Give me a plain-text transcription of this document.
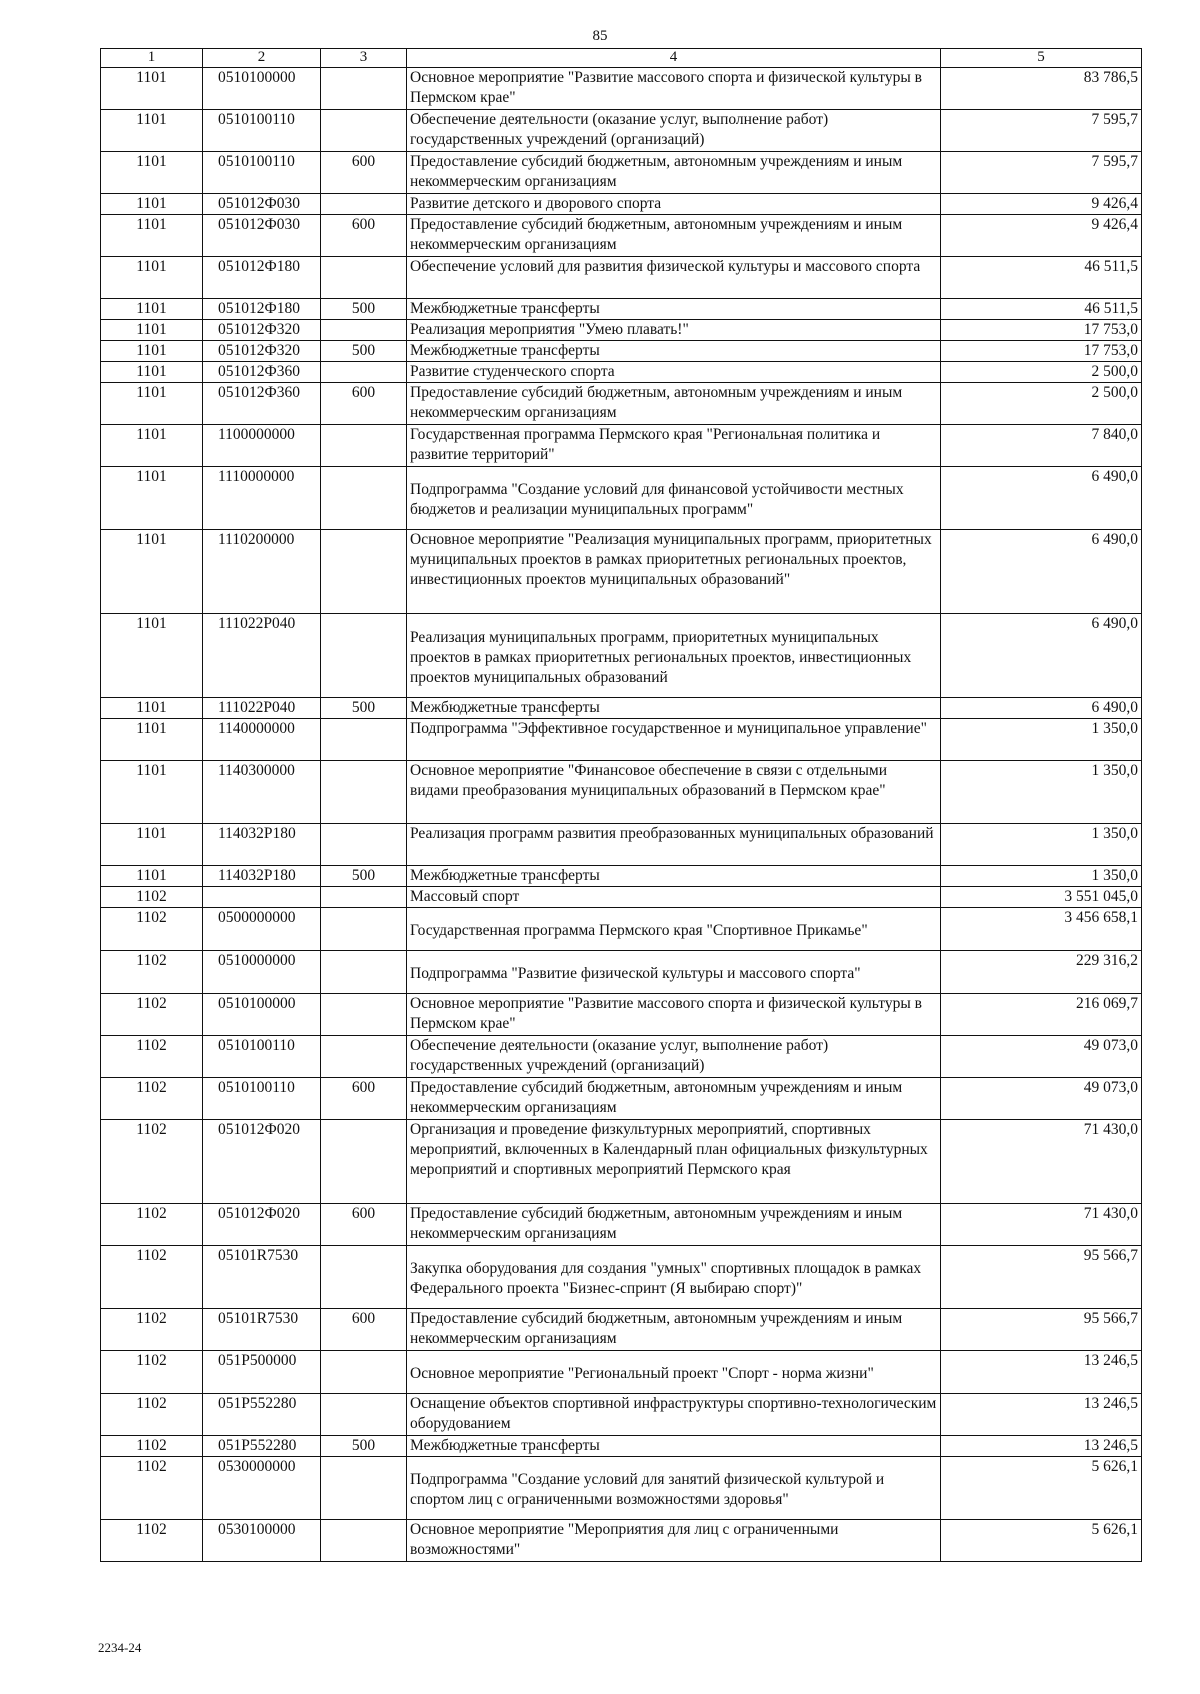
85
1	2	3	4	5
1101	0510100000		Основное мероприятие "Развитие массового спорта и физической культуры в Пермском крае"	83 786,5
1101	0510100110		Обеспечение деятельности (оказание услуг, выполнение работ) государственных учреждений (организаций)	7 595,7
1101	0510100110	600	Предоставление субсидий бюджетным, автономным учреждениям и иным некоммерческим организациям	7 595,7
1101	051012Ф030		Развитие детского и дворового спорта	9 426,4
1101	051012Ф030	600	Предоставление субсидий бюджетным, автономным учреждениям и иным некоммерческим организациям	9 426,4
1101	051012Ф180		Обеспечение условий для развития физической культуры и массового спорта	46 511,5
1101	051012Ф180	500	Межбюджетные трансферты	46 511,5
1101	051012Ф320		Реализация мероприятия "Умею плавать!"	17 753,0
1101	051012Ф320	500	Межбюджетные трансферты	17 753,0
1101	051012Ф360		Развитие студенческого спорта	2 500,0
1101	051012Ф360	600	Предоставление субсидий бюджетным, автономным учреждениям и иным некоммерческим организациям	2 500,0
1101	1100000000		Государственная программа Пермского края "Региональная политика и развитие территорий"	7 840,0
1101	1110000000		Подпрограмма "Создание условий для финансовой устойчивости местных бюджетов и реализации муниципальных программ"	6 490,0
1101	1110200000		Основное мероприятие "Реализация муниципальных программ, приоритетных муниципальных проектов в рамках приоритетных региональных проектов, инвестиционных проектов муниципальных образований"	6 490,0
1101	111022Р040		Реализация муниципальных программ, приоритетных муниципальных проектов в рамках приоритетных региональных проектов, инвестиционных проектов муниципальных образований	6 490,0
1101	111022Р040	500	Межбюджетные трансферты	6 490,0
1101	1140000000		Подпрограмма "Эффективное государственное и муниципальное управление"	1 350,0
1101	1140300000		Основное мероприятие "Финансовое обеспечение в связи с отдельными видами преобразования муниципальных образований в Пермском крае"	1 350,0
1101	114032Р180		Реализация программ развития преобразованных муниципальных образований	1 350,0
1101	114032Р180	500	Межбюджетные трансферты	1 350,0
1102			Массовый спорт	3 551 045,0
1102	0500000000		Государственная программа Пермского края "Спортивное Прикамье"	3 456 658,1
1102	0510000000		Подпрограмма "Развитие физической культуры и массового спорта"	229 316,2
1102	0510100000		Основное мероприятие "Развитие массового спорта и физической культуры в Пермском крае"	216 069,7
1102	0510100110		Обеспечение деятельности (оказание услуг, выполнение работ) государственных учреждений (организаций)	49 073,0
1102	0510100110	600	Предоставление субсидий бюджетным, автономным учреждениям и иным некоммерческим организациям	49 073,0
1102	051012Ф020		Организация и проведение физкультурных мероприятий, спортивных мероприятий, включенных в Календарный план официальных физкультурных мероприятий и спортивных мероприятий Пермского края	71 430,0
1102	051012Ф020	600	Предоставление субсидий бюджетным, автономным учреждениям и иным некоммерческим организациям	71 430,0
1102	05101R7530		Закупка оборудования для создания "умных" спортивных площадок в рамках Федерального проекта "Бизнес-спринт (Я выбираю спорт)"	95 566,7
1102	05101R7530	600	Предоставление субсидий бюджетным, автономным учреждениям и иным некоммерческим организациям	95 566,7
1102	051P500000		Основное мероприятие "Региональный проект "Спорт - норма жизни"	13 246,5
1102	051P552280		Оснащение объектов спортивной инфраструктуры спортивно-технологическим оборудованием	13 246,5
1102	051P552280	500	Межбюджетные трансферты	13 246,5
1102	0530000000		Подпрограмма "Создание условий для занятий физической культурой и спортом лиц с ограниченными возможностями здоровья"	5 626,1
1102	0530100000		Основное мероприятие "Мероприятия для лиц с ограниченными возможностями"	5 626,1
2234-24
